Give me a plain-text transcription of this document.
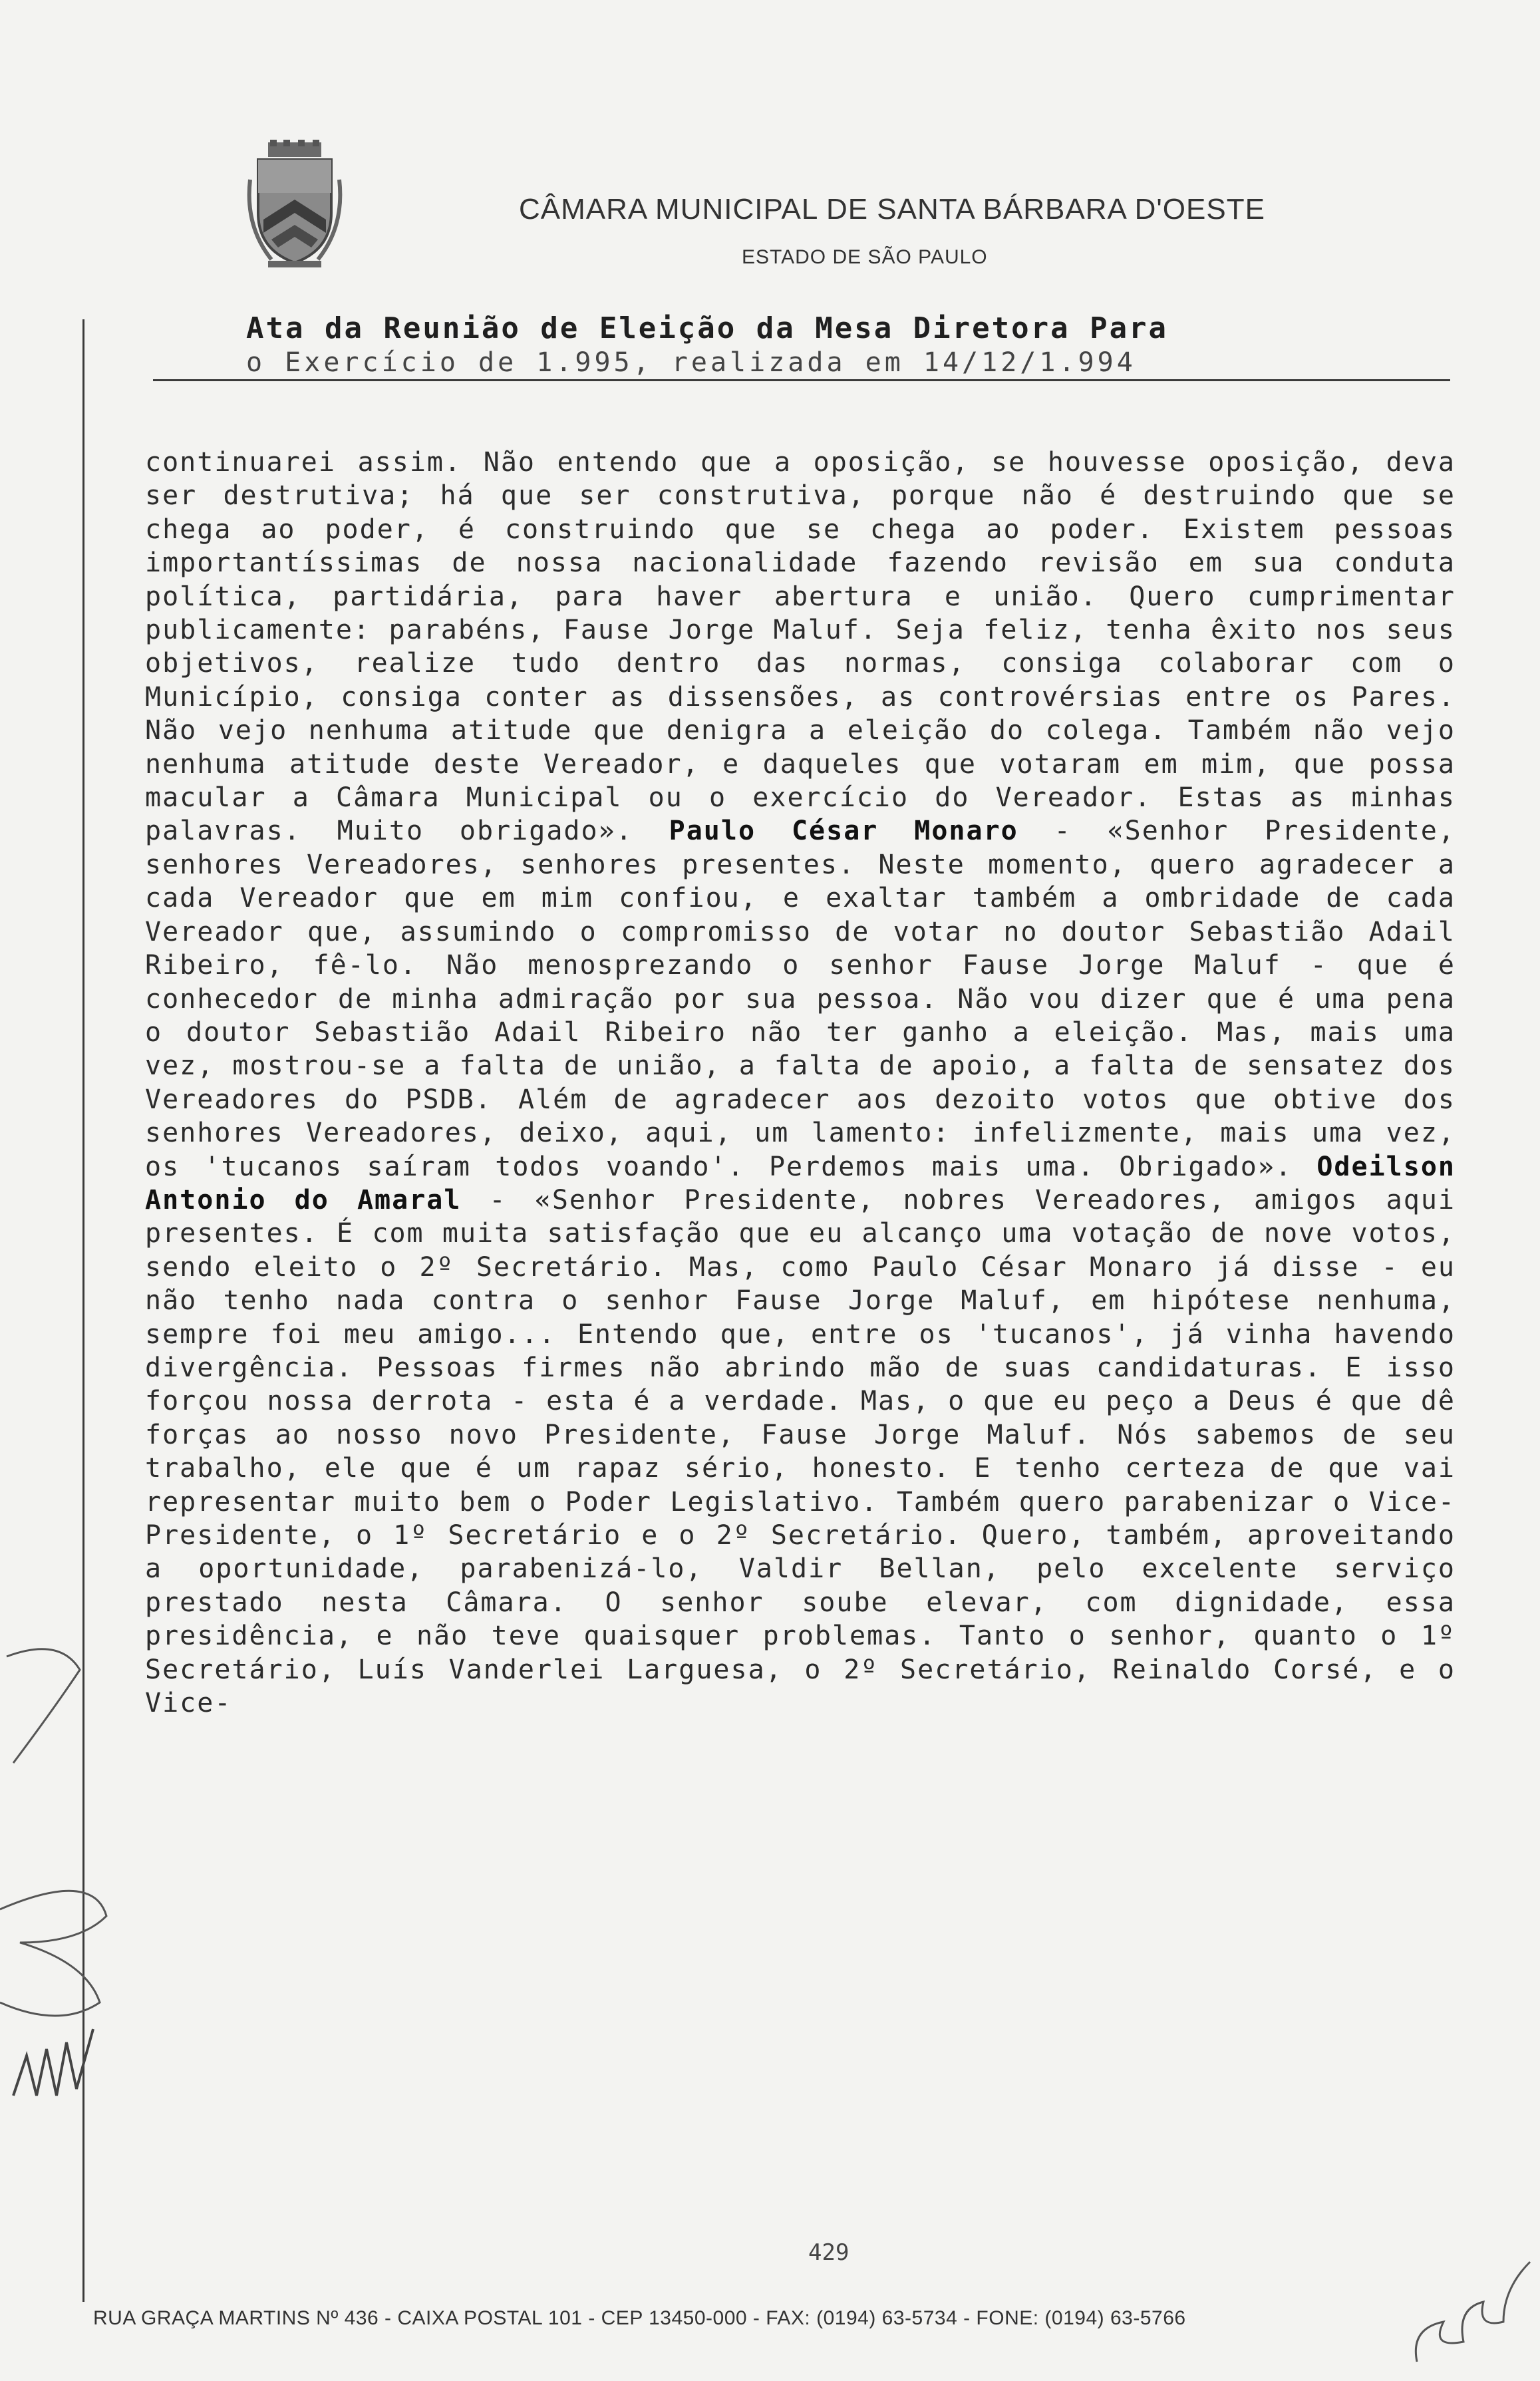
CÂMARA MUNICIPAL DE SANTA BÁRBARA D'OESTE
ESTADO DE SÃO PAULO
Ata da Reunião de Eleição da Mesa Diretora Para
o Exercício de 1.995, realizada em 14/12/1.994
continuarei assim. Não entendo que a oposição, se houvesse oposição, deva ser destrutiva; há que ser construtiva, porque não é destruindo que se chega ao poder, é construindo que se chega ao poder. Existem pessoas importantíssimas de nossa nacionalidade fazendo revisão em sua conduta política, partidária, para haver abertura e união. Quero cumprimentar publicamente: parabéns, Fause Jorge Maluf. Seja feliz, tenha êxito nos seus objetivos, realize tudo dentro das normas, consiga colaborar com o Município, consiga conter as dissensões, as controvérsias entre os Pares. Não vejo nenhuma atitude que denigra a eleição do colega. Também não vejo nenhuma atitude deste Vereador, e daqueles que votaram em mim, que possa macular a Câmara Municipal ou o exercício do Vereador. Estas as minhas palavras. Muito obrigado». Paulo César Monaro - «Senhor Presidente, senhores Vereadores, senhores presentes. Neste momento, quero agradecer a cada Vereador que em mim confiou, e exaltar também a ombridade de cada Vereador que, assumindo o compromisso de votar no doutor Sebastião Adail Ribeiro, fê-lo. Não menosprezando o senhor Fause Jorge Maluf - que é conhecedor de minha admiração por sua pessoa. Não vou dizer que é uma pena o doutor Sebastião Adail Ribeiro não ter ganho a eleição. Mas, mais uma vez, mostrou-se a falta de união, a falta de apoio, a falta de sensatez dos Vereadores do PSDB. Além de agradecer aos dezoito votos que obtive dos senhores Vereadores, deixo, aqui, um lamento: infelizmente, mais uma vez, os 'tucanos saíram todos voando'. Perdemos mais uma. Obrigado». Odeilson Antonio do Amaral - «Senhor Presidente, nobres Vereadores, amigos aqui presentes. É com muita satisfação que eu alcanço uma votação de nove votos, sendo eleito o 2º Secretário. Mas, como Paulo César Monaro já disse - eu não tenho nada contra o senhor Fause Jorge Maluf, em hipótese nenhuma, sempre foi meu amigo... Entendo que, entre os 'tucanos', já vinha havendo divergência. Pessoas firmes não abrindo mão de suas candidaturas. E isso forçou nossa derrota - esta é a verdade. Mas, o que eu peço a Deus é que dê forças ao nosso novo Presidente, Fause Jorge Maluf. Nós sabemos de seu trabalho, ele que é um rapaz sério, honesto. E tenho certeza de que vai representar muito bem o Poder Legislativo. Também quero parabenizar o Vice-Presidente, o 1º Secretário e o 2º Secretário. Quero, também, aproveitando a oportunidade, parabenizá-lo, Valdir Bellan, pelo excelente serviço prestado nesta Câmara. O senhor soube elevar, com dignidade, essa presidência, e não teve quaisquer problemas. Tanto o senhor, quanto o 1º Secretário, Luís Vanderlei Larguesa, o 2º Secretário, Reinaldo Corsé, e o Vice-
429
RUA GRAÇA MARTINS Nº 436 - CAIXA POSTAL 101 - CEP 13450-000 - FAX: (0194) 63-5734 - FONE: (0194) 63-5766
